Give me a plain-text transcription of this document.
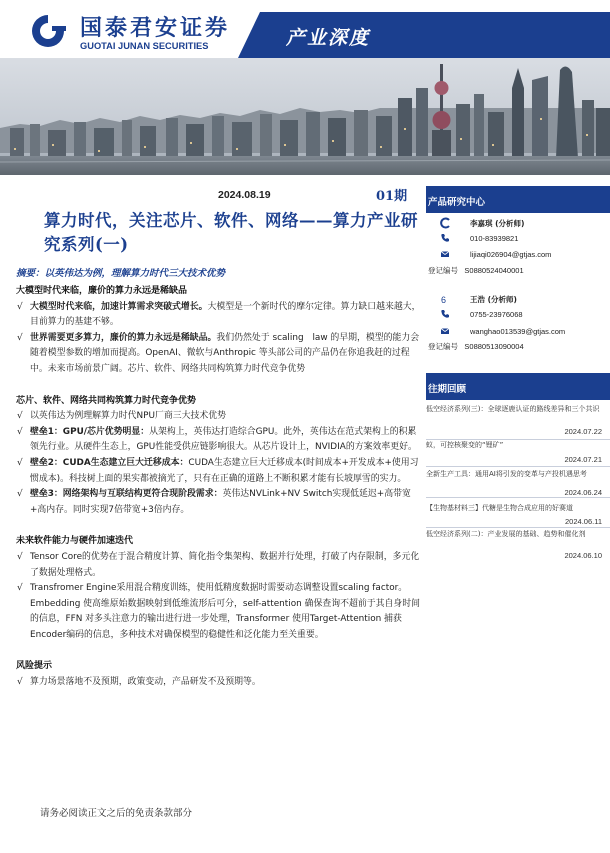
国泰君安证券
GUOTAI JUNAN SECURITIES	产业深度
2024.08.19	01期
算力时代，关注芯片、软件、网络——算力产业研究系列(一)
摘要：以英伟达为例，理解算力时代三大技术优势
大模型时代来临，廉价的算力永远是稀缺品
√ 大模型时代来临，加速计算需求突破式增长。大模型是一个新时代的摩尔定律。算力缺口越来越大，目前算力的基建不够。
√ 世界需要更多算力，廉价的算力永远是稀缺品。我们仍然处于 scaling　law 的早期，模型的能力会随着模型参数的增加而提高。OpenAI、微软与Anthropic 等头部公司的产品仍在你追我赶的过程中。未来市场前景广阔。芯片、软件、网络共同构筑算力时代竞争优势
芯片、软件、网络共同构筑算力时代竞争优势
√ 以英伟达为例理解算力时代NPU厂商三大技术优势
√ 壁垒1：GPU/芯片优势明显：从架构上，英伟达打造综合GPU。此外，英伟达在范式架构上的积累领先行业。从硬件生态上，GPU性能受供应链影响很大。从芯片设计上，NVIDIA的方案效率更好。
√ 壁垒2：CUDA生态建立巨大迁移成本：CUDA生态建立巨大迁移成本(时间成本+开发成本+使用习惯成本)。科技树上面的果实都被摘光了，只有在正确的道路上不断积累才能有长坡厚雪的实力。
√ 壁垒3：网络架构与互联结构更符合现阶段需求：英伟达NVLink+NV Switch实现低延迟+高带宽+高内存。同时实现7倍带宽+3倍内存。
未来软件能力与硬件加速迭代
√ Tensor Core的优势在于混合精度计算、简化指令集架构、数据并行处理，打破了内存限制，多元化了数据处理格式。
√ Transfromer Engine采用混合精度训练，使用低精度数据时需要动态调整设置scaling factor。Embedding 使高维原始数据映射到低维流形后可分，self-attention 确保查询不超前于其自身时间的信息，FFN 对多头注意力的输出进行进一步处理，Transformer 使用Target-Attention 捕获 Encoder编码的信息，多种技术对确保模型的稳健性和泛化能力至关重要。
风险提示
√ 算力场景落地不及预期，政策变动，产品研发不及预期等。
请务必阅读正文之后的免责条款部分
产品研究中心
李嘉琪 (分析师)
010-83939821
lijiaqi026904@gtjas.com
登记编号 S0880524040001
6	王浩 (分析师)
0755-23976068
wanghao013539@gtjas.com
登记编号 S0880513090004
往期回顾
低空经济系列(三)：全球逐鹿认证的路线差异和三个共识
2024.07.22
蚁，可控核聚变的“锂矿”
2024.07.21
全新生产工具：通用AI将引发的变革与产投机遇思考
2024.06.24
【生物基材料三】代糖是生物合成应用的好赛道
2024.06.11
低空经济系列(二)：产业发展的基础、趋势和催化剂
2024.06.10
